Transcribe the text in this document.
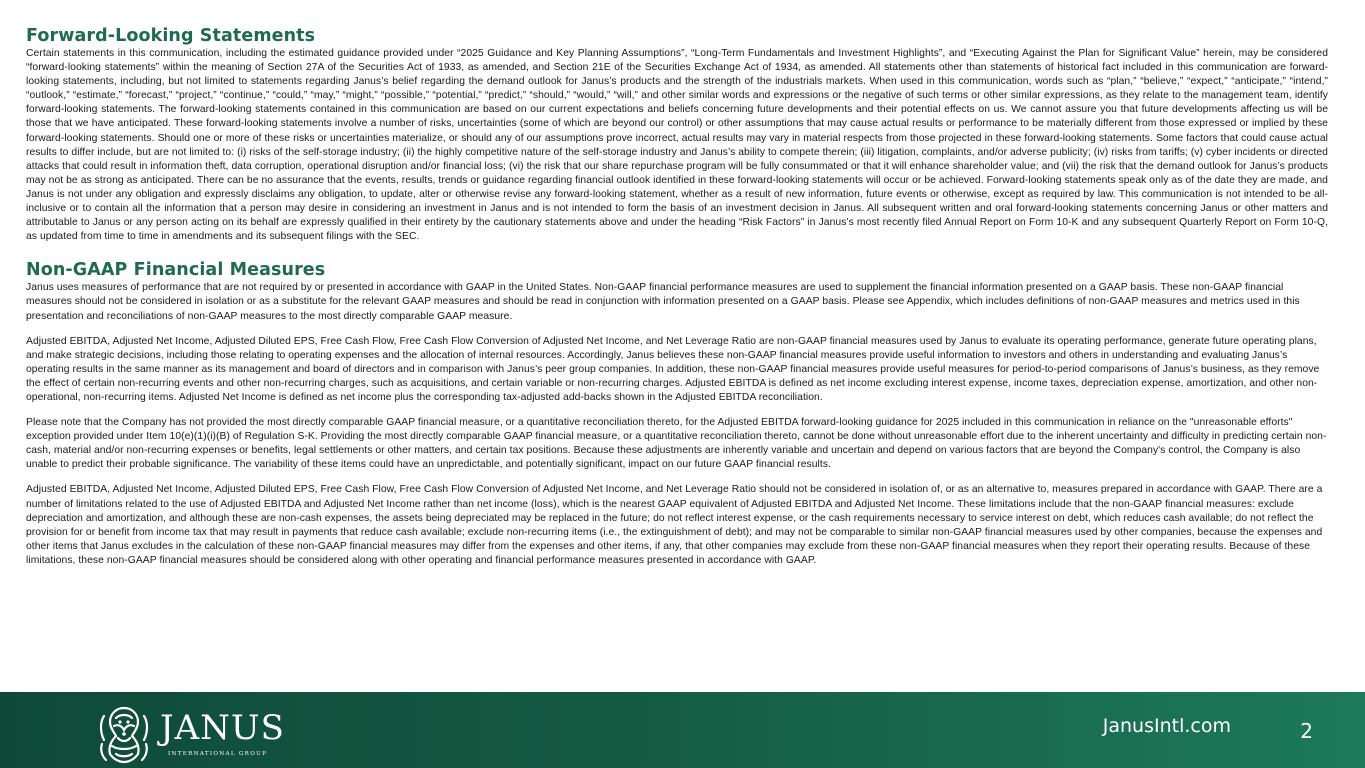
Forward-Looking Statements

Certain statements in this communication, including the estimated guidance provided under “2025 Guidance and Key Planning Assumptions”, “Long-Term Fundamentals and Investment Highlights”, and “Executing Against the Plan for Significant Value” herein, may be considered “forward-looking statements” within the meaning of Section 27A of the Securities Act of 1933, as amended, and Section 21E of the Securities Exchange Act of 1934, as amended. All statements other than statements of historical fact included in this communication are forward-looking statements, including, but not limited to statements regarding Janus’s belief regarding the demand outlook for Janus’s products and the strength of the industrials markets. When used in this communication, words such as “plan,” “believe,” “expect,” “anticipate,” “intend,” “outlook,” “estimate,” “forecast,” “project,” “continue,” “could,” “may,” “might,” “possible,” “potential,” “predict,” “should,” “would,” “will,” and other similar words and expressions or the negative of such terms or other similar expressions, as they relate to the management team, identify forward-looking statements. The forward-looking statements contained in this communication are based on our current expectations and beliefs concerning future developments and their potential effects on us. We cannot assure you that future developments affecting us will be those that we have anticipated. These forward-looking statements involve a number of risks, uncertainties (some of which are beyond our control) or other assumptions that may cause actual results or performance to be materially different from those expressed or implied by these forward-looking statements. Should one or more of these risks or uncertainties materialize, or should any of our assumptions prove incorrect, actual results may vary in material respects from those projected in these forward-looking statements. Some factors that could cause actual results to differ include, but are not limited to: (i) risks of the self-storage industry; (ii) the highly competitive nature of the self-storage industry and Janus’s ability to compete therein; (iii) litigation, complaints, and/or adverse publicity; (iv) risks from tariffs; (v) cyber incidents or directed attacks that could result in information theft, data corruption, operational disruption and/or financial loss; (vi) the risk that our share repurchase program will be fully consummated or that it will enhance shareholder value; and (vii) the risk that the demand outlook for Janus’s products may not be as strong as anticipated. There can be no assurance that the events, results, trends or guidance regarding financial outlook identified in these forward-looking statements will occur or be achieved. Forward-looking statements speak only as of the date they are made, and Janus is not under any obligation and expressly disclaims any obligation, to update, alter or otherwise revise any forward-looking statement, whether as a result of new information, future events or otherwise, except as required by law. This communication is not intended to be all-inclusive or to contain all the information that a person may desire in considering an investment in Janus and is not intended to form the basis of an investment decision in Janus. All subsequent written and oral forward-looking statements concerning Janus or other matters and attributable to Janus or any person acting on its behalf are expressly qualified in their entirety by the cautionary statements above and under the heading “Risk Factors” in Janus’s most recently filed Annual Report on Form 10-K and any subsequent Quarterly Report on Form 10-Q, as updated from time to time in amendments and its subsequent filings with the SEC.

Non-GAAP Financial Measures

Janus uses measures of performance that are not required by or presented in accordance with GAAP in the United States. Non-GAAP financial performance measures are used to supplement the financial information presented on a GAAP basis. These non-GAAP financial measures should not be considered in isolation or as a substitute for the relevant GAAP measures and should be read in conjunction with information presented on a GAAP basis. Please see Appendix, which includes definitions of non-GAAP measures and metrics used in this presentation and reconciliations of non-GAAP measures to the most directly comparable GAAP measure.

Adjusted EBITDA, Adjusted Net Income, Adjusted Diluted EPS, Free Cash Flow, Free Cash Flow Conversion of Adjusted Net Income, and Net Leverage Ratio are non-GAAP financial measures used by Janus to evaluate its operating performance, generate future operating plans, and make strategic decisions, including those relating to operating expenses and the allocation of internal resources. Accordingly, Janus believes these non-GAAP financial measures provide useful information to investors and others in understanding and evaluating Janus’s operating results in the same manner as its management and board of directors and in comparison with Janus’s peer group companies. In addition, these non-GAAP financial measures provide useful measures for period-to-period comparisons of Janus’s business, as they remove the effect of certain non-recurring events and other non-recurring charges, such as acquisitions, and certain variable or non-recurring charges. Adjusted EBITDA is defined as net income excluding interest expense, income taxes, depreciation expense, amortization, and other non-operational, non-recurring items. Adjusted Net Income is defined as net income plus the corresponding tax-adjusted add-backs shown in the Adjusted EBITDA reconciliation.

Please note that the Company has not provided the most directly comparable GAAP financial measure, or a quantitative reconciliation thereto, for the Adjusted EBITDA forward-looking guidance for 2025 included in this communication in reliance on the "unreasonable efforts" exception provided under Item 10(e)(1)(i)(B) of Regulation S-K. Providing the most directly comparable GAAP financial measure, or a quantitative reconciliation thereto, cannot be done without unreasonable effort due to the inherent uncertainty and difficulty in predicting certain non-cash, material and/or non-recurring expenses or benefits, legal settlements or other matters, and certain tax positions. Because these adjustments are inherently variable and uncertain and depend on various factors that are beyond the Company's control, the Company is also unable to predict their probable significance. The variability of these items could have an unpredictable, and potentially significant, impact on our future GAAP financial results.

Adjusted EBITDA, Adjusted Net Income, Adjusted Diluted EPS, Free Cash Flow, Free Cash Flow Conversion of Adjusted Net Income, and Net Leverage Ratio should not be considered in isolation of, or as an alternative to, measures prepared in accordance with GAAP. There are a number of limitations related to the use of Adjusted EBITDA and Adjusted Net Income rather than net income (loss), which is the nearest GAAP equivalent of Adjusted EBITDA and Adjusted Net Income. These limitations include that the non-GAAP financial measures: exclude depreciation and amortization, and although these are non-cash expenses, the assets being depreciated may be replaced in the future; do not reflect interest expense, or the cash requirements necessary to service interest on debt, which reduces cash available; do not reflect the provision for or benefit from income tax that may result in payments that reduce cash available; exclude non-recurring items (i.e., the extinguishment of debt); and may not be comparable to similar non-GAAP financial measures used by other companies, because the expenses and other items that Janus excludes in the calculation of these non-GAAP financial measures may differ from the expenses and other items, if any, that other companies may exclude from these non-GAAP financial measures when they report their operating results. Because of these limitations, these non-GAAP financial measures should be considered along with other operating and financial performance measures presented in accordance with GAAP.

JANUS
INTERNATIONAL GROUP
JanusIntl.com	2
